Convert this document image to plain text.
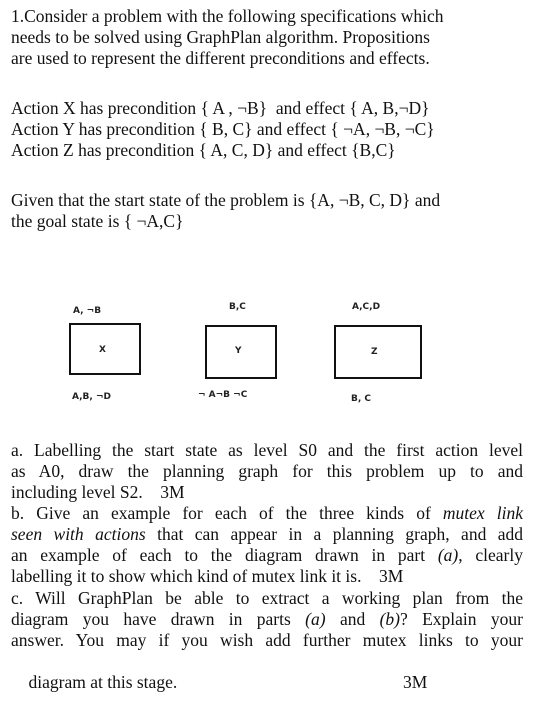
1.Consider a problem with the following specifications which
needs to be solved using GraphPlan algorithm. Propositions
are used to represent the different preconditions and effects.
Action X has precondition { A , ¬B}  and effect { A, B,¬D}
Action Y has precondition { B, C} and effect { ¬A, ¬B, ¬C}
Action Z has precondition { A, C, D} and effect {B,C}
Given that the start state of the problem is {A, ¬B, C, D} and
the goal state is { ¬A,C}
A, ¬B
X
A,B, ¬D
B,C
Y
¬ A¬B ¬C
A,C,D
Z
B, C
a. Labelling the start state as level S0 and the first action level
as A0, draw the planning graph for this problem up to and
including level S2.    3M
b. Give an example for each of the three kinds of mutex link
seen with actions that can appear in a planning graph, and add
an example of each to the diagram drawn in part (a), clearly
labelling it to show which kind of mutex link it is.    3M
c. Will GraphPlan be able to extract a working plan from the
diagram you have drawn in parts (a) and (b)? Explain your
answer. You may if you wish add further mutex links to your

diagram at this stage.	3M
